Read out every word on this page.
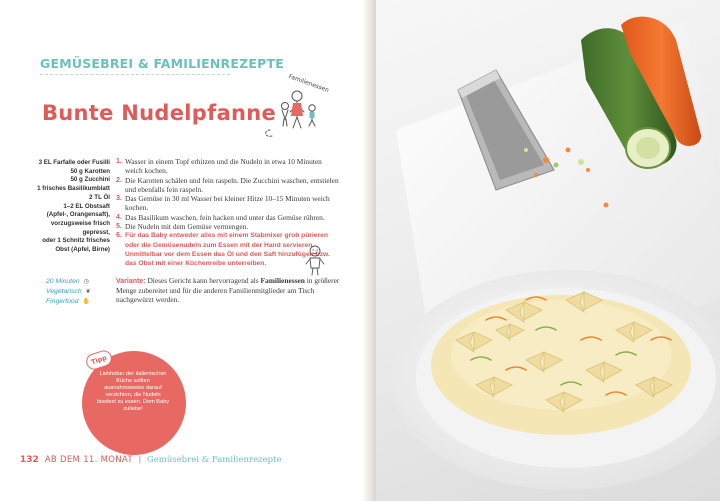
GEMÜSEBREI & FAMILIENREZEPTE
Bunte Nudelpfanne
Familienessen
3 EL Farfalle oder Fusilli
50 g Karotten
50 g Zucchini
1 frisches Basilikumblatt
2 TL Öl
1–2 EL Obstsaft
(Apfel-, Orangensaft),
vorzugsweise frisch
gepresst,
oder 1 Schnitz frisches
Obst (Apfel, Birne)
20 Minuten ◷
Vegetarisch ❦
Fingerfood ✋
1. Wasser in einem Topf erhitzen und die Nudeln in etwa 10 Minuten weich kochen.
2. Die Karotten schälen und fein raspeln. Die Zucchini waschen, entstielen und ebenfalls fein raspeln.
3. Das Gemüse in 30 ml Wasser bei kleiner Hitze 10–15 Minuten weich kochen.
4. Das Basilikum waschen, fein hacken und unter das Gemüse rühren.
5. Die Nudeln mit dem Gemüse vermengen.
6. Für das Baby entweder alles mit einem Stabmixer grob pürieren oder die Gemüsenudeln zum Essen mit der Hand servieren. Unmittelbar vor dem Essen das Öl und den Saft hinzufügen bzw. das Obst mit einer Küchenreibe unterreiben.
Variante: Dieses Gericht kann hervorragend als Familienessen in größerer Menge zubereitet und für die anderen Familienmitglieder am Tisch nachgewürzt werden.
Tipp
Liebhaber der italienischen Küche sollten ausnahmsweise darauf verzichten, die Nudeln bissfest zu essen. Dem Baby zuliebe!
132 AB DEM 11. MONAT | Gemüsebrei & Familienrezepte
